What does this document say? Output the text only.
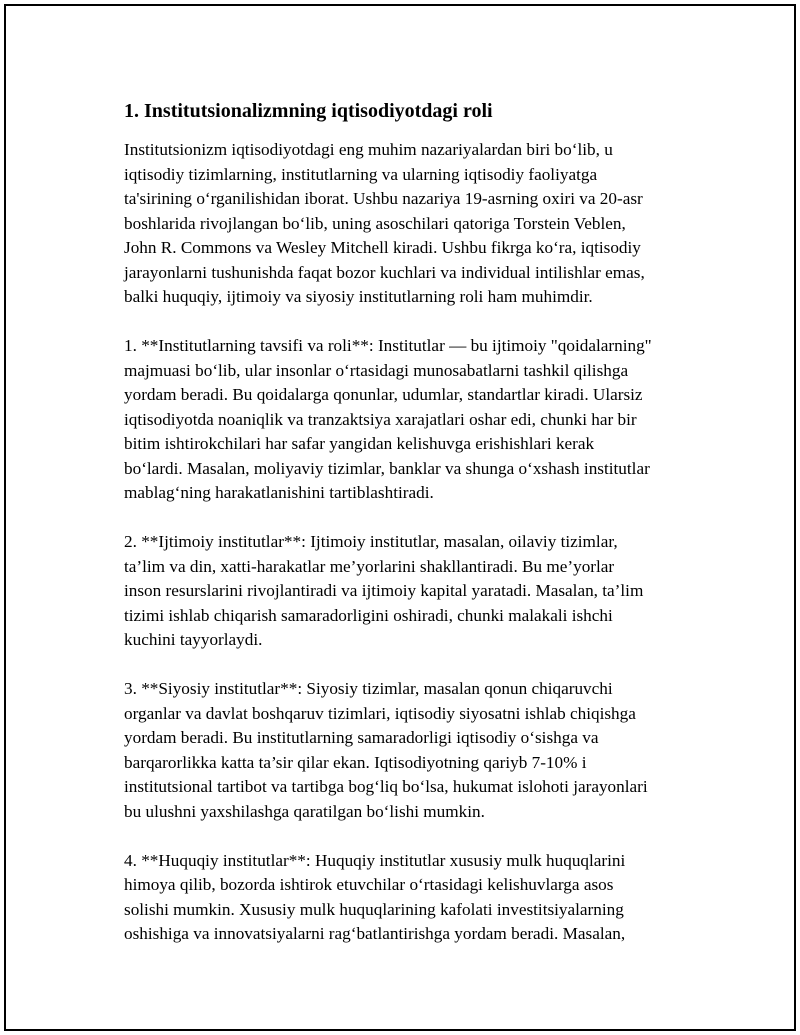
1. Institutsionalizmning iqtisodiyotdagi roli

Institutsionizm iqtisodiyotdagi eng muhim nazariyalardan biri bo‘lib, u
iqtisodiy tizimlarning, institutlarning va ularning iqtisodiy faoliyatga
ta'sirining o‘rganilishidan iborat. Ushbu nazariya 19-asrning oxiri va 20-asr
boshlarida rivojlangan bo‘lib, uning asoschilari qatoriga Torstein Veblen,
John R. Commons va Wesley Mitchell kiradi. Ushbu fikrga ko‘ra, iqtisodiy
jarayonlarni tushunishda faqat bozor kuchlari va individual intilishlar emas,
balki huquqiy, ijtimoiy va siyosiy institutlarning roli ham muhimdir.

1. **Institutlarning tavsifi va roli**: Institutlar — bu ijtimoiy "qoidalarning"
majmuasi bo‘lib, ular insonlar o‘rtasidagi munosabatlarni tashkil qilishga
yordam beradi. Bu qoidalarga qonunlar, udumlar, standartlar kiradi. Ularsiz
iqtisodiyotda noaniqlik va tranzaktsiya xarajatlari oshar edi, chunki har bir
bitim ishtirokchilari har safar yangidan kelishuvga erishishlari kerak
bo‘lardi. Masalan, moliyaviy tizimlar, banklar va shunga o‘xshash institutlar
mablag‘ning harakatlanishini tartiblashtiradi.

2. **Ijtimoiy institutlar**: Ijtimoiy institutlar, masalan, oilaviy tizimlar,
ta’lim va din, xatti-harakatlar me’yorlarini shakllantiradi. Bu me’yorlar
inson resurslarini rivojlantiradi va ijtimoiy kapital yaratadi. Masalan, ta’lim
tizimi ishlab chiqarish samaradorligini oshiradi, chunki malakali ishchi
kuchini tayyorlaydi.

3. **Siyosiy institutlar**: Siyosiy tizimlar, masalan qonun chiqaruvchi
organlar va davlat boshqaruv tizimlari, iqtisodiy siyosatni ishlab chiqishga
yordam beradi. Bu institutlarning samaradorligi iqtisodiy o‘sishga va
barqarorlikka katta ta’sir qilar ekan. Iqtisodiyotning qariyb 7-10% i
institutsional tartibot va tartibga bog‘liq bo‘lsa, hukumat islohoti jarayonlari
bu ulushni yaxshilashga qaratilgan bo‘lishi mumkin.

4. **Huquqiy institutlar**: Huquqiy institutlar xususiy mulk huquqlarini
himoya qilib, bozorda ishtirok etuvchilar o‘rtasidagi kelishuvlarga asos
solishi mumkin. Xususiy mulk huquqlarining kafolati investitsiyalarning
oshishiga va innovatsiyalarni rag‘batlantirishga yordam beradi. Masalan,
